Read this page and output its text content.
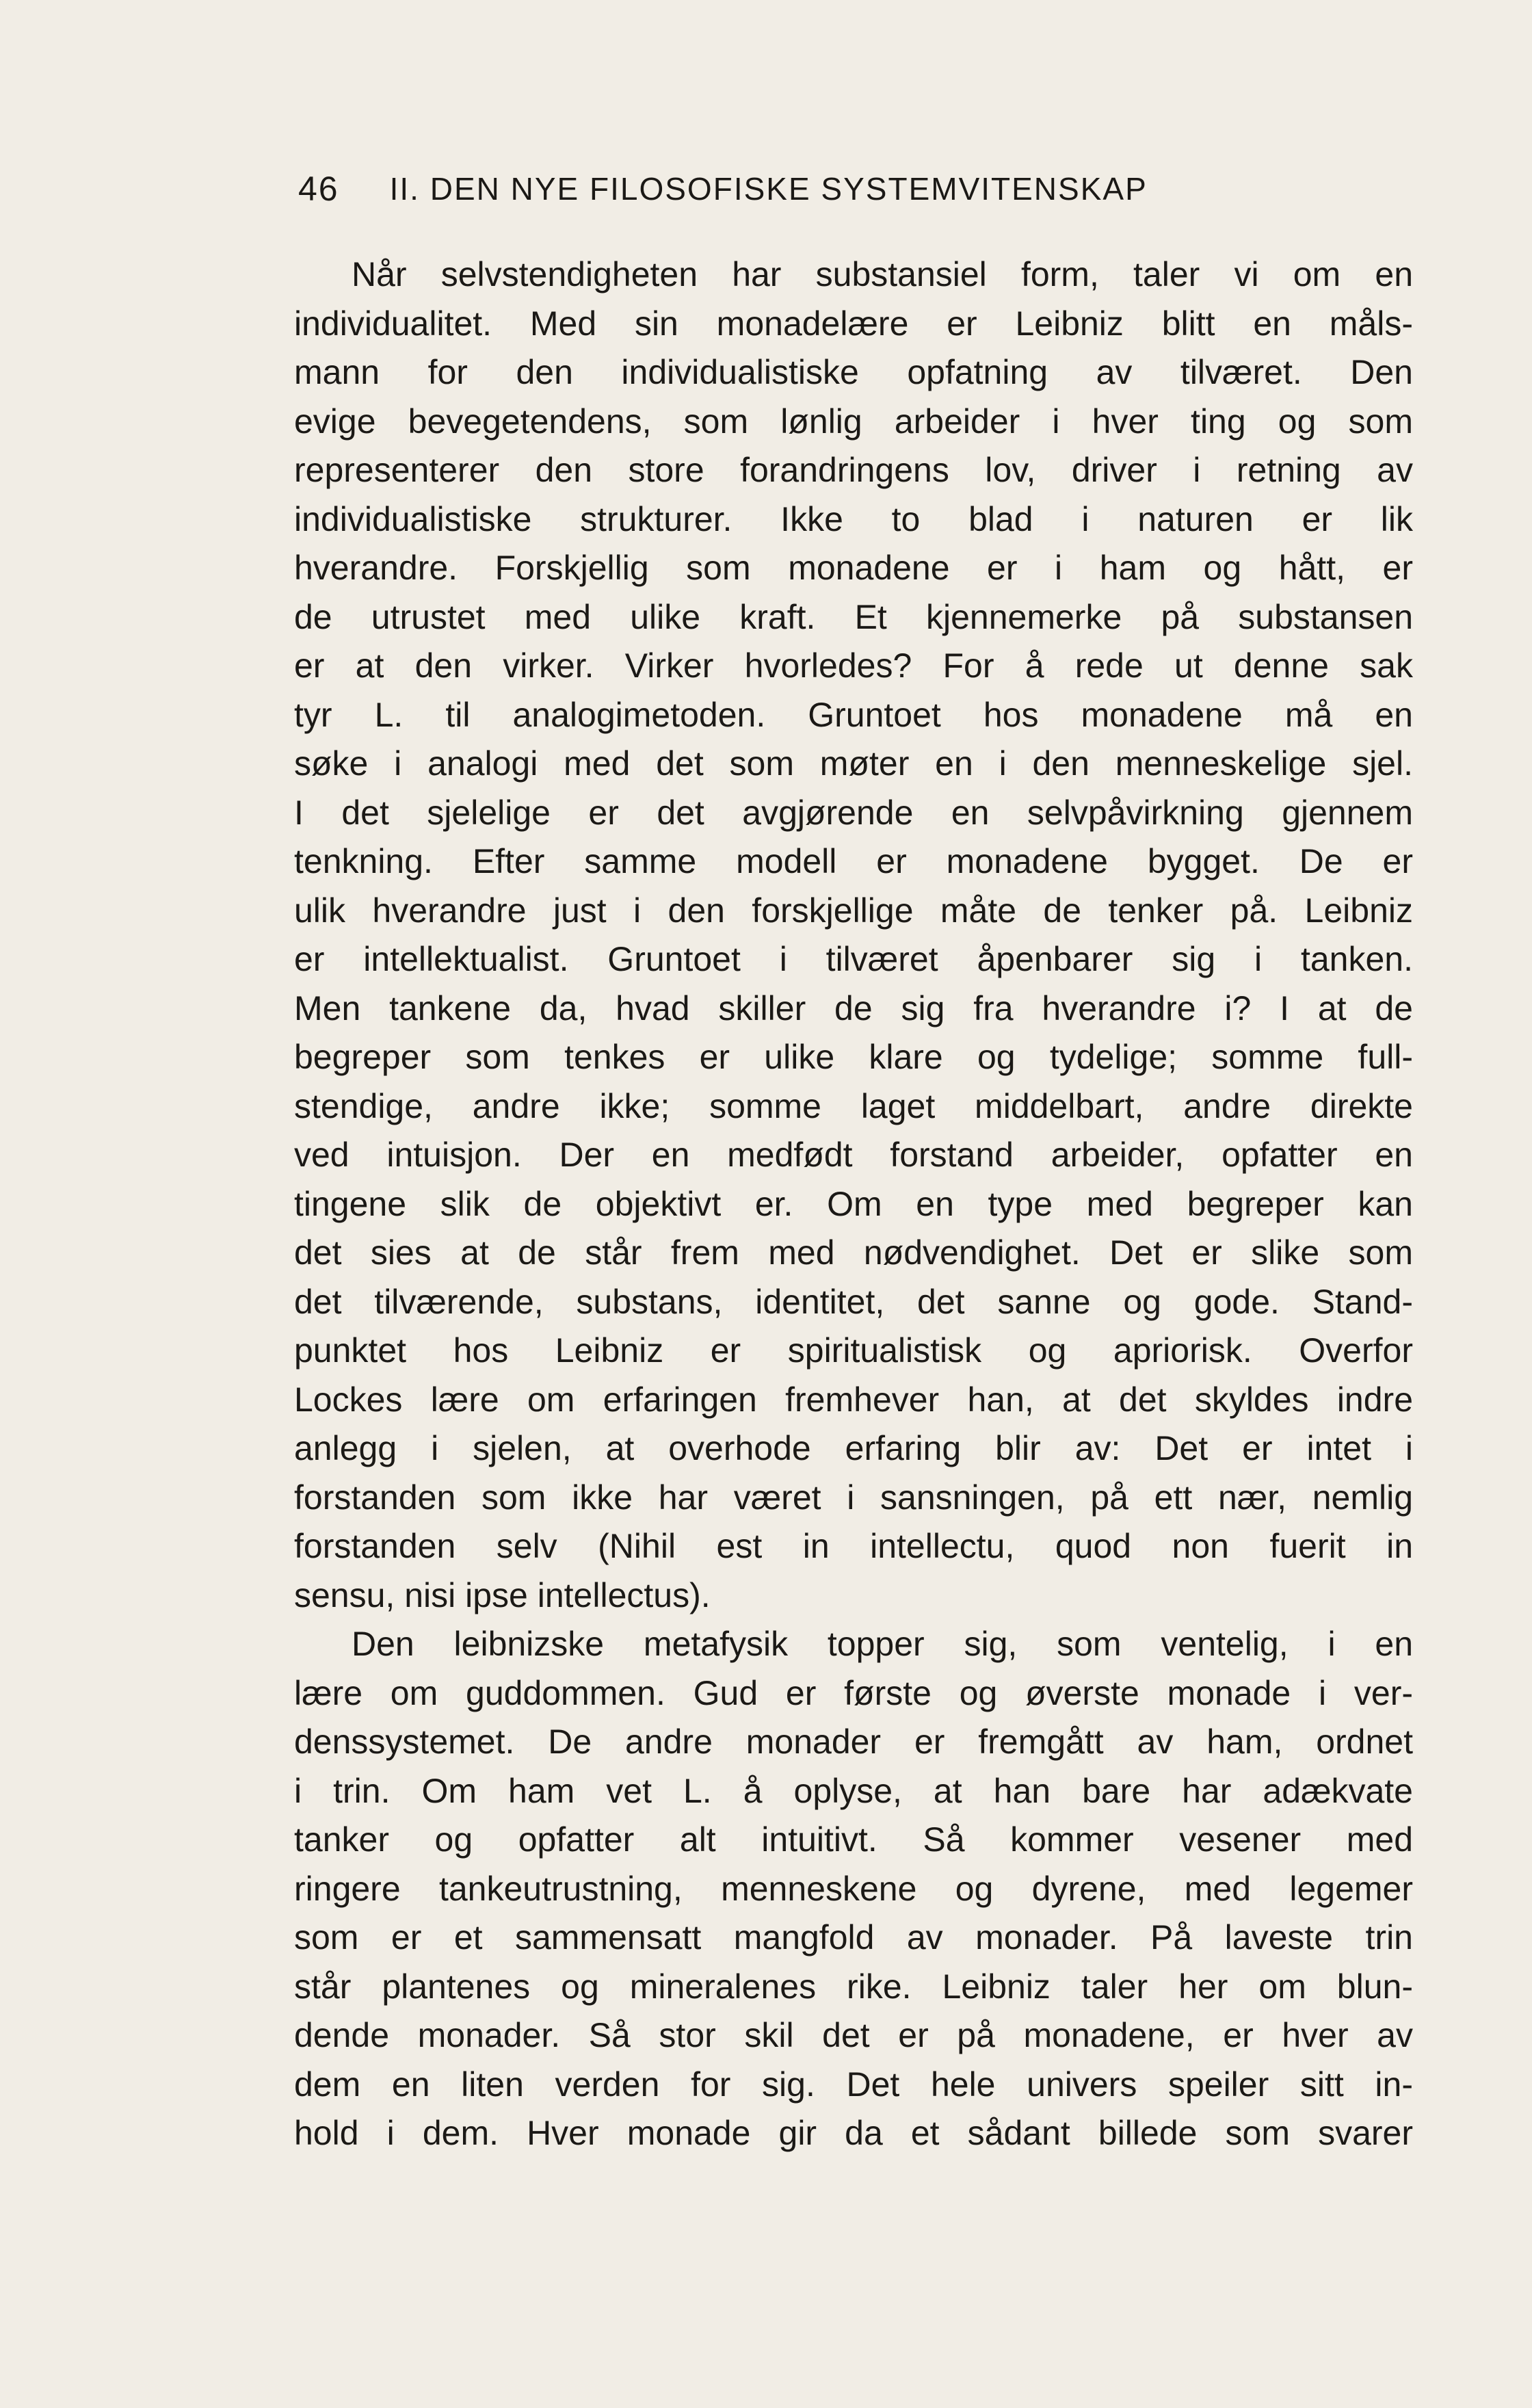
46 II. DEN NYE FILOSOFISKE SYSTEMVITENSKAP
Når selvstendigheten har substansiel form, taler vi om en
individualitet. Med sin monadelære er Leibniz blitt en måls-
mann for den individualistiske opfatning av tilværet. Den
evige bevegetendens, som lønlig arbeider i hver ting og som
representerer den store forandringens lov, driver i retning av
individualistiske strukturer. Ikke to blad i naturen er lik
hverandre. Forskjellig som monadene er i ham og hått, er
de utrustet med ulike kraft. Et kjennemerke på substansen
er at den virker. Virker hvorledes? For å rede ut denne sak
tyr L. til analogimetoden. Gruntoet hos monadene må en
søke i analogi med det som møter en i den menneskelige sjel.
I det sjelelige er det avgjørende en selvpåvirkning gjennem
tenkning. Efter samme modell er monadene bygget. De er
ulik hverandre just i den forskjellige måte de tenker på. Leibniz
er intellektualist. Gruntoet i tilværet åpenbarer sig i tanken.
Men tankene da, hvad skiller de sig fra hverandre i? I at de
begreper som tenkes er ulike klare og tydelige; somme full-
stendige, andre ikke; somme laget middelbart, andre direkte
ved intuisjon. Der en medfødt forstand arbeider, opfatter en
tingene slik de objektivt er. Om en type med begreper kan
det sies at de står frem med nødvendighet. Det er slike som
det tilværende, substans, identitet, det sanne og gode. Stand-
punktet hos Leibniz er spiritualistisk og apriorisk. Overfor
Lockes lære om erfaringen fremhever han, at det skyldes indre
anlegg i sjelen, at overhode erfaring blir av: Det er intet i
forstanden som ikke har været i sansningen, på ett nær, nemlig
forstanden selv (Nihil est in intellectu, quod non fuerit in
sensu, nisi ipse intellectus).
Den leibnizske metafysik topper sig, som ventelig, i en
lære om guddommen. Gud er første og øverste monade i ver-
denssystemet. De andre monader er fremgått av ham, ordnet
i trin. Om ham vet L. å oplyse, at han bare har adækvate
tanker og opfatter alt intuitivt. Så kommer vesener med
ringere tankeutrustning, menneskene og dyrene, med legemer
som er et sammensatt mangfold av monader. På laveste trin
står plantenes og mineralenes rike. Leibniz taler her om blun-
dende monader. Så stor skil det er på monadene, er hver av
dem en liten verden for sig. Det hele univers speiler sitt in-
hold i dem. Hver monade gir da et sådant billede som svarer
